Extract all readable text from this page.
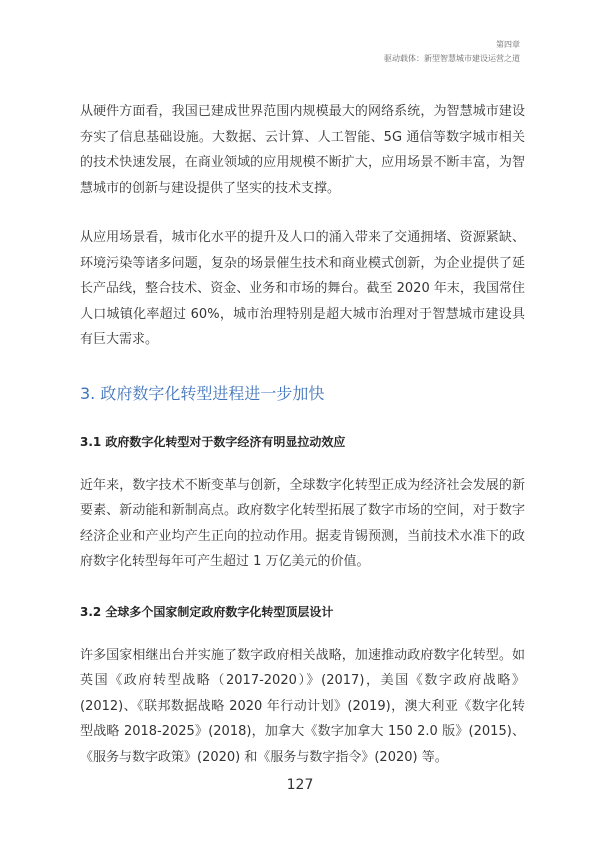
第四章
驱动载体：新型智慧城市建设运营之道

从硬件方面看，我国已建成世界范围内规模最大的网络系统，为智慧城市建设夯实了信息基础设施。大数据、云计算、人工智能、5G 通信等数字城市相关的技术快速发展，在商业领域的应用规模不断扩大，应用场景不断丰富，为智慧城市的创新与建设提供了坚实的技术支撑。

从应用场景看，城市化水平的提升及人口的涌入带来了交通拥堵、资源紧缺、环境污染等诸多问题，复杂的场景催生技术和商业模式创新，为企业提供了延长产品线，整合技术、资金、业务和市场的舞台。截至 2020 年末，我国常住人口城镇化率超过 60%，城市治理特别是超大城市治理对于智慧城市建设具有巨大需求。

3. 政府数字化转型进程进一步加快
3.1 政府数字化转型对于数字经济有明显拉动效应

近年来，数字技术不断变革与创新，全球数字化转型正成为经济社会发展的新要素、新动能和新制高点。政府数字化转型拓展了数字市场的空间，对于数字经济企业和产业均产生正向的拉动作用。据麦肯锡预测，当前技术水准下的政府数字化转型每年可产生超过 1 万亿美元的价值。

3.2 全球多个国家制定政府数字化转型顶层设计

许多国家相继出台并实施了数字政府相关战略，加速推动政府数字化转型。如英国《政府转型战略（2017-2020）》(2017)，美国《数字政府战略》(2012)、《联邦数据战略 2020 年行动计划》(2019)，澳大利亚《数字化转型战略 2018-2025》(2018)，加拿大《数字加拿大 150 2.0 版》(2015)、《服务与数字政策》(2020) 和《服务与数字指令》(2020) 等。

127
